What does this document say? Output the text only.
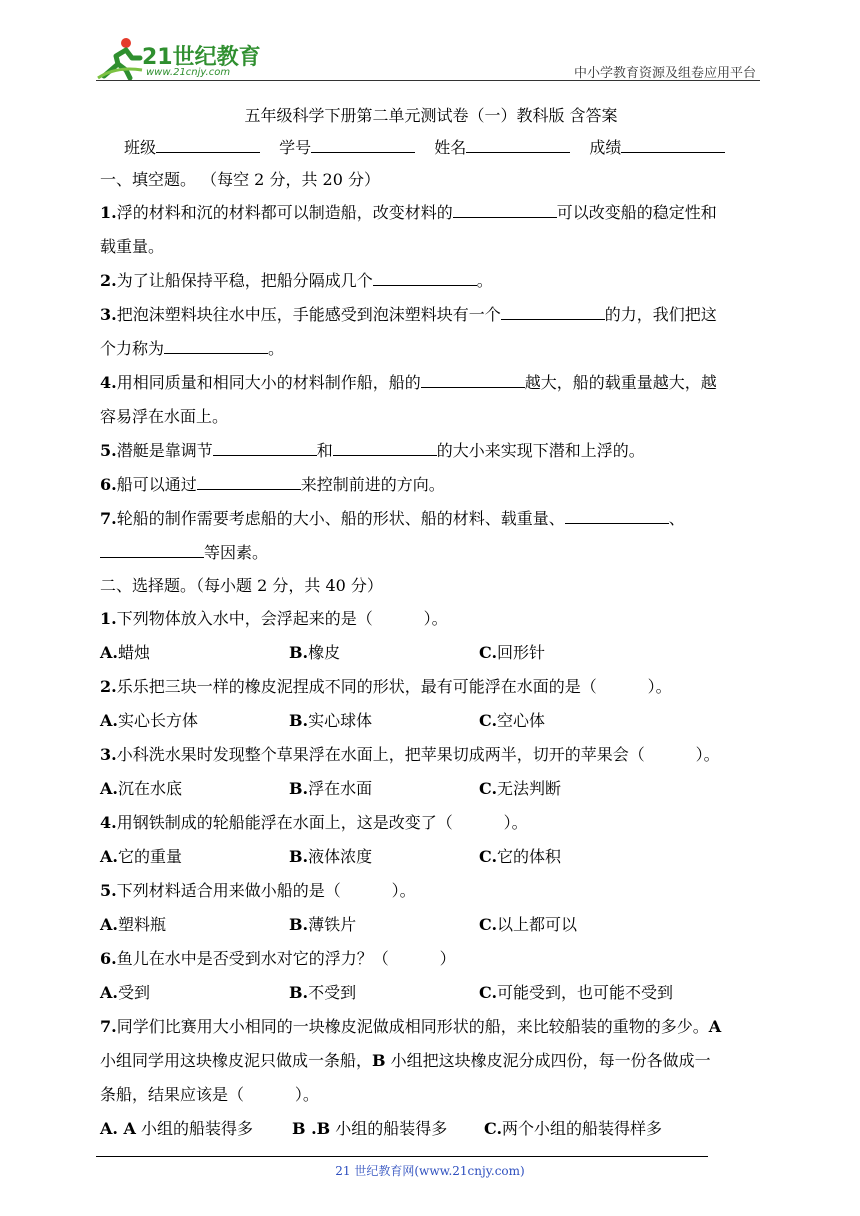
21世纪教育
www.21cnjy.com	中小学教育资源及组卷应用平台
五年级科学下册第二单元测试卷（一）教科版 含答案
班级	学号	姓名	成绩
一、填空题。 （每空 2 分，共 20 分）
1.浮的材料和沉的材料都可以制造船，改变材料的	可以改变船的稳定性和
载重量。
2.为了让船保持平稳，把船分隔成几个	。
3.把泡沫塑料块往水中压，手能感受到泡沫塑料块有一个	的力，我们把这
个力称为	。
4.用相同质量和相同大小的材料制作船，船的	越大，船的载重量越大，越
容易浮在水面上。
5.潜艇是靠调节	和	的大小来实现下潜和上浮的。
6.船可以通过	来控制前进的方向。
7.轮船的制作需要考虑船的大小、船的形状、船的材料、载重量、	、
等因素。
二、选择题。（每小题 2 分，共 40 分）
1.下列物体放入水中，会浮起来的是（          ）。
A.蜡烛	B.橡皮	C.回形针
2.乐乐把三块一样的橡皮泥捏成不同的形状，最有可能浮在水面的是（          ）。
A.实心长方体	B.实心球体	C.空心体
3.小科洗水果时发现整个草果浮在水面上，把苹果切成两半，切开的苹果会（          ）。
A.沉在水底	B.浮在水面	C.无法判断
4.用钢铁制成的轮船能浮在水面上，这是改变了（          ）。
A.它的重量	B.液体浓度	C.它的体积
5.下列材料适合用来做小船的是（          ）。
A.塑料瓶	B.薄铁片	C.以上都可以
6.鱼儿在水中是否受到水对它的浮力？（          ）
A.受到	B.不受到	C.可能受到，也可能不受到
7.同学们比赛用大小相同的一块橡皮泥做成相同形状的船，来比较船装的重物的多少。A
小组同学用这块橡皮泥只做成一条船，B 小组把这块橡皮泥分成四份，每一份各做成一
条船，结果应该是（          ）。
A. A 小组的船装得多	B .B 小组的船装得多	C.两个小组的船装得样多
21 世纪教育网(www.21cnjy.com)
